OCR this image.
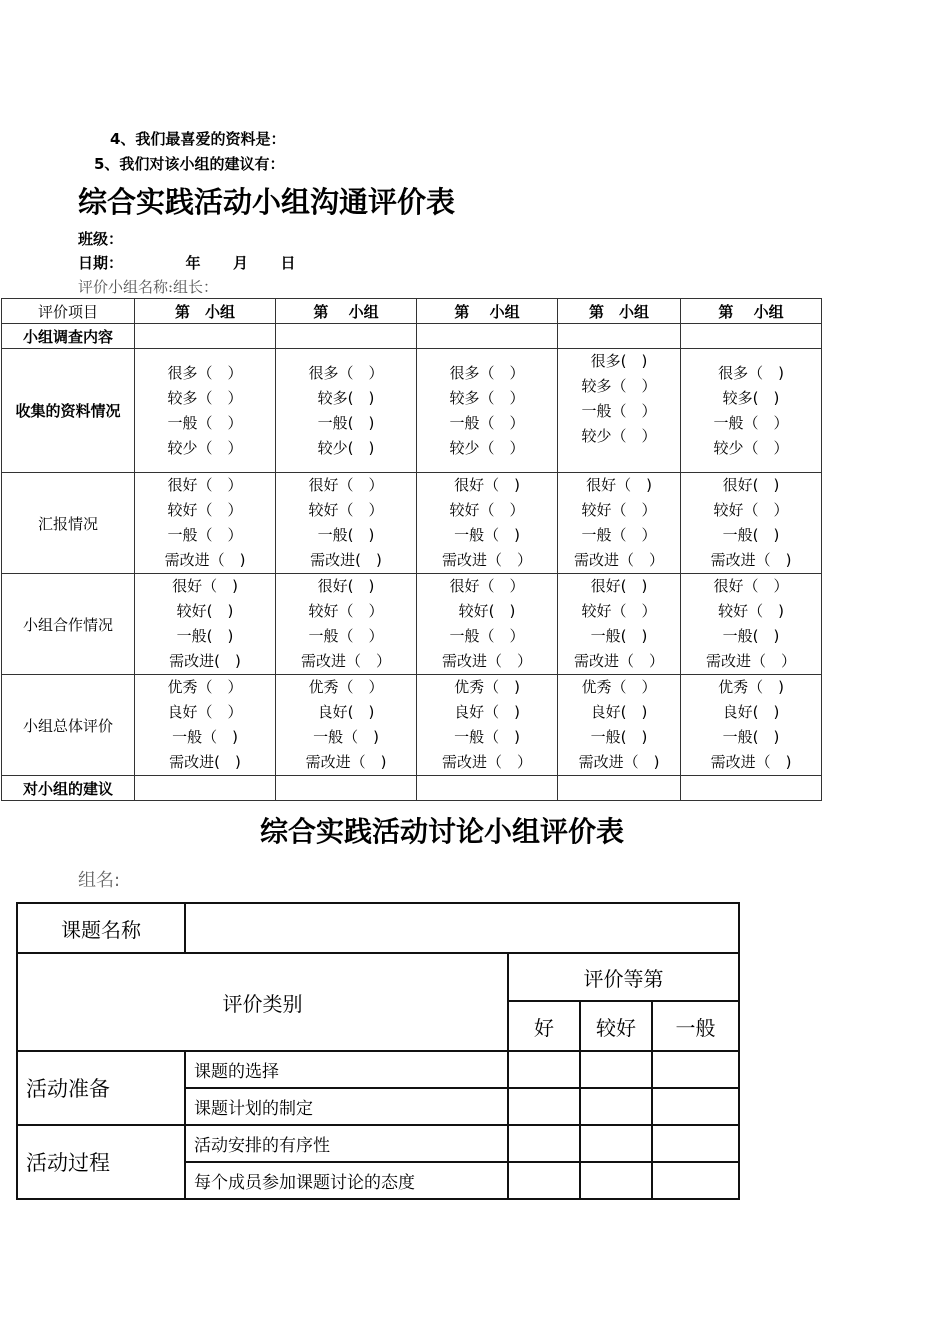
4、我们最喜爱的资料是：
5、我们对该小组的建议有：
综合实践活动小组沟通评价表
班级：
日期：	年 月 日
评价小组名称:组长：
评价项目	第　小组	第　 小组	第　 小组	第　小组	第　 小组
小组调查内容					
收集的资料情况	很多（　）
较多（　）
一般（　）
较少（　）	很多（　）
较多(　)
一般(　)
较少(　)	很多（　）
较多（　）
一般（　）
较少（　）	很多(　)
较多（　）
一般（　）
较少（　）	很多（　)
较多(　)
一般（　）
较少（　）

汇报情况	很好（　）
较好（　）
一般（　）
需改进（　)	很好（　）
较好（　）
一般(　)
需改进(　)	很好（　)
较好（　）
一般（　)
需改进（　）	很好（　)
较好（　）
一般（　）
需改进（　）	很好(　)
较好（　）
一般(　)
需改进（　)

小组合作情况	很好（　)
较好(　)
一般(　)
需改进(　)	很好(　)
较好（　）
一般（　）
需改进（　）	很好（　）
较好(　)
一般（　）
需改进（　）	很好(　)
较好（　）
一般(　)
需改进（　）	很好（　）
较好（　)
一般(　)
需改进（　）

小组总体评价	优秀（　）
良好（　）
一般（　)
需改进(　)	优秀（　）
良好(　)
一般（　)
需改进（　)	优秀（　)
良好（　)
一般（　)
需改进（　）	优秀（　）
良好(　)
一般(　)
需改进（　)	优秀（　)
良好(　)
一般(　)
需改进（　)

对小组的建议					
综合实践活动讨论小组评价表
组名:
课题名称				
评价类别		评价等第		
		好	较好	一般
活动准备	课题的选择			
	课题计划的制定			
活动过程	活动安排的有序性			
	每个成员参加课题讨论的态度			
